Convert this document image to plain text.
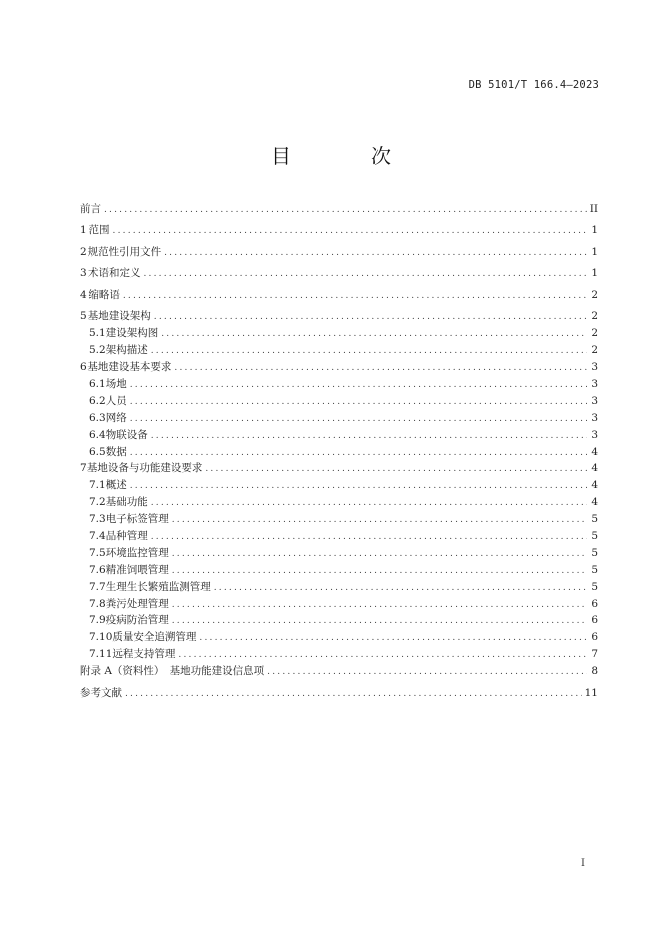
DB 5101/T 166.4—2023
目　次
前言 .....	II
1 范围 .....	1
2 规范性引用文件 .....	1
3 术语和定义 .....	1
4 缩略语 .....	2
5 基地建设架构 .....	2
5.1 建设架构图 .....	2
5.2 架构描述 .....	2
6 基地建设基本要求 .....	3
6.1 场地 .....	3
6.2 人员 .....	3
6.3 网络 .....	3
6.4 物联设备 .....	3
6.5 数据 .....	4
7 基地设备与功能建设要求 .....	4
7.1 概述 .....	4
7.2 基础功能 .....	4
7.3 电子标签管理 .....	5
7.4 品种管理 .....	5
7.5 环境监控管理 .....	5
7.6 精准饲喂管理 .....	5
7.7 生理生长繁殖监测管理 .....	5
7.8 粪污处理管理 .....	6
7.9 疫病防治管理 .....	6
7.10 质量安全追溯管理 .....	6
7.11 远程支持管理 .....	7
附录 A（资料性）　基地功能建设信息项 .....	8
参考文献 .....	11
I
